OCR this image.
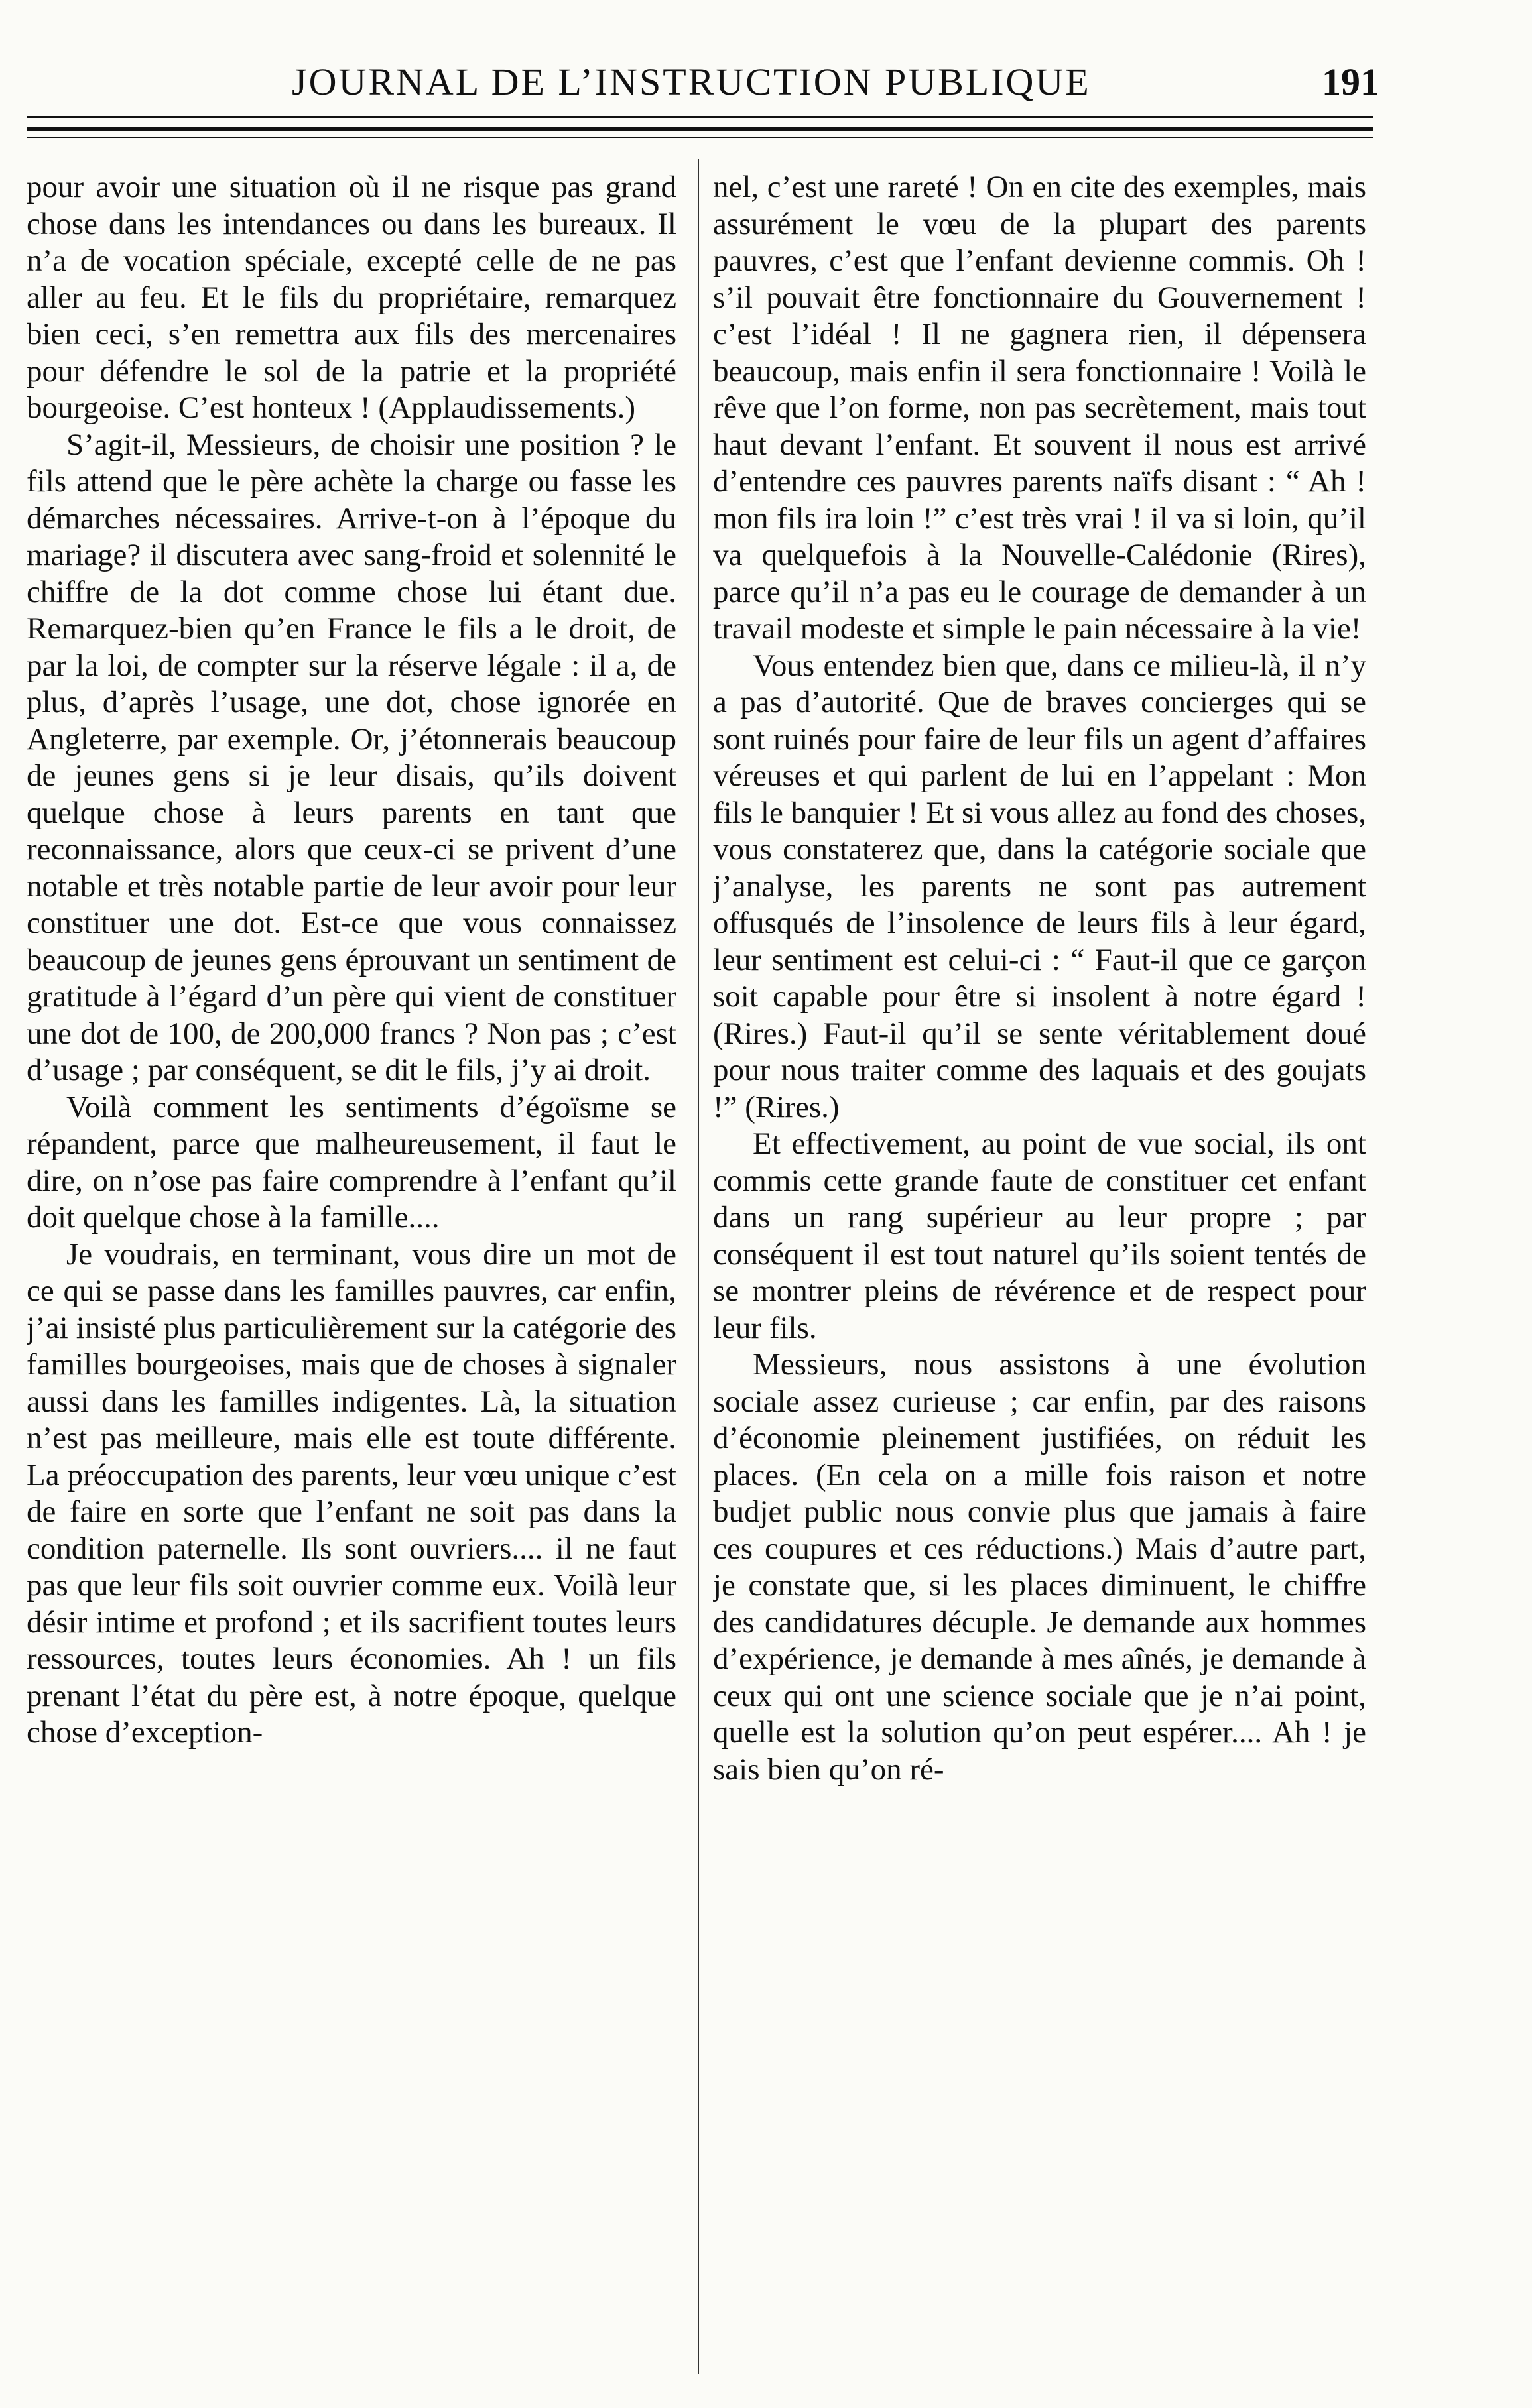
JOURNAL DE L’INSTRUCTION PUBLIQUE	191

pour avoir une situation où il ne risque pas grand chose dans les intendances ou dans les bureaux. Il n’a de vocation spéciale, excepté celle de ne pas aller au feu. Et le fils du propriétaire, remarquez bien ceci, s’en remettra aux fils des mercenaires pour défendre le sol de la patrie et la propriété bourgeoise. C’est honteux ! (Applaudissements.)

S’agit-il, Messieurs, de choisir une position ? le fils attend que le père achète la charge ou fasse les démarches nécessaires. Arrive-t-on à l’époque du mariage? il discutera avec sang-froid et solennité le chiffre de la dot comme chose lui étant due. Remarquez-bien qu’en France le fils a le droit, de par la loi, de compter sur la réserve légale : il a, de plus, d’après l’usage, une dot, chose ignorée en Angleterre, par exemple. Or, j’étonnerais beaucoup de jeunes gens si je leur disais, qu’ils doivent quelque chose à leurs parents en tant que reconnaissance, alors que ceux-ci se privent d’une notable et très notable partie de leur avoir pour leur constituer une dot. Est-ce que vous connaissez beaucoup de jeunes gens éprouvant un sentiment de gratitude à l’égard d’un père qui vient de constituer une dot de 100, de 200,000 francs ? Non pas ; c’est d’usage ; par conséquent, se dit le fils, j’y ai droit.

Voilà comment les sentiments d’égoïsme se répandent, parce que malheureusement, il faut le dire, on n’ose pas faire comprendre à l’enfant qu’il doit quelque chose à la famille....

Je voudrais, en terminant, vous dire un mot de ce qui se passe dans les familles pauvres, car enfin, j’ai insisté plus particulièrement sur la catégorie des familles bourgeoises, mais que de choses à signaler aussi dans les familles indigentes. Là, la situation n’est pas meilleure, mais elle est toute différente. La préoccupation des parents, leur vœu unique c’est de faire en sorte que l’enfant ne soit pas dans la condition paternelle. Ils sont ouvriers.... il ne faut pas que leur fils soit ouvrier comme eux. Voilà leur désir intime et profond ; et ils sacrifient toutes leurs ressources, toutes leurs économies. Ah ! un fils prenant l’état du père est, à notre époque, quelque chose d’exception-

nel, c’est une rareté ! On en cite des exemples, mais assurément le vœu de la plupart des parents pauvres, c’est que l’enfant devienne commis. Oh ! s’il pouvait être fonctionnaire du Gouvernement ! c’est l’idéal ! Il ne gagnera rien, il dépensera beaucoup, mais enfin il sera fonctionnaire ! Voilà le rêve que l’on forme, non pas secrètement, mais tout haut devant l’enfant. Et souvent il nous est arrivé d’entendre ces pauvres parents naïfs disant : “ Ah ! mon fils ira loin !” c’est très vrai ! il va si loin, qu’il va quelquefois à la Nouvelle-Calédonie (Rires), parce qu’il n’a pas eu le courage de demander à un travail modeste et simple le pain nécessaire à la vie!

Vous entendez bien que, dans ce milieu-là, il n’y a pas d’autorité. Que de braves concierges qui se sont ruinés pour faire de leur fils un agent d’affaires véreuses et qui parlent de lui en l’appelant : Mon fils le banquier ! Et si vous allez au fond des choses, vous constaterez que, dans la catégorie sociale que j’analyse, les parents ne sont pas autrement offusqués de l’insolence de leurs fils à leur égard, leur sentiment est celui-ci : “ Faut-il que ce garçon soit capable pour être si insolent à notre égard ! (Rires.) Faut-il qu’il se sente véritablement doué pour nous traiter comme des laquais et des goujats !” (Rires.)

Et effectivement, au point de vue social, ils ont commis cette grande faute de constituer cet enfant dans un rang supérieur au leur propre ; par conséquent il est tout naturel qu’ils soient tentés de se montrer pleins de révérence et de respect pour leur fils.

Messieurs, nous assistons à une évolution sociale assez curieuse ; car enfin, par des raisons d’économie pleinement justifiées, on réduit les places. (En cela on a mille fois raison et notre budjet public nous convie plus que jamais à faire ces coupures et ces réductions.) Mais d’autre part, je constate que, si les places diminuent, le chiffre des candidatures décuple. Je demande aux hommes d’expérience, je demande à mes aînés, je demande à ceux qui ont une science sociale que je n’ai point, quelle est la solution qu’on peut espérer.... Ah ! je sais bien qu’on ré-
